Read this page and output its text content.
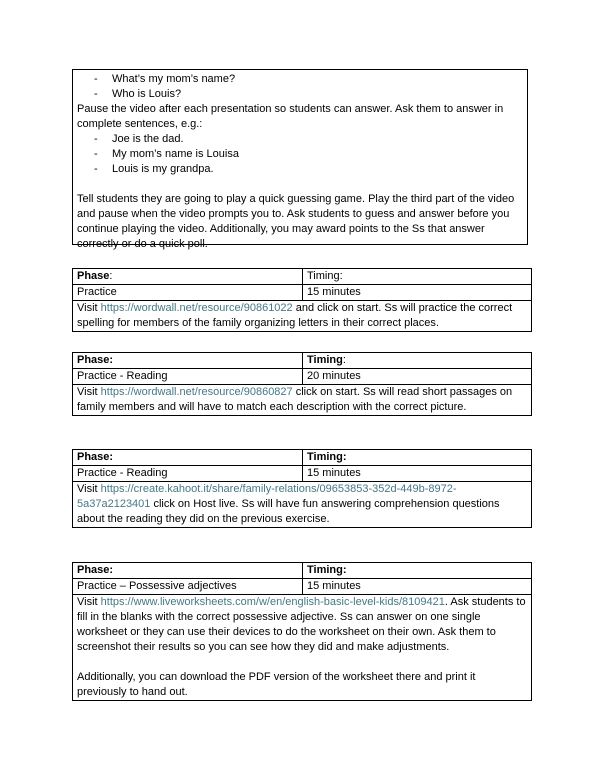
- What’s my mom’s name?
- Who is Louis?

Pause the video after each presentation so students can answer. Ask them to answer in complete sentences, e.g.:

- Joe is the dad.
- My mom’s name is Louisa
- Louis is my grandpa.

Tell students they are going to play a quick guessing game. Play the third part of the video and pause when the video prompts you to. Ask students to guess and answer before you continue playing the video. Additionally, you may award points to the Ss that answer correctly or do a quick poll.

Phase:	Timing:
Practice	15 minutes
Visit https://wordwall.net/resource/90861022 and click on start. Ss will practice the correct spelling for members of the family organizing letters in their correct places.	
Phase:	Timing:
Practice - Reading	20 minutes
Visit https://wordwall.net/resource/90860827 click on start. Ss will read short passages on family members and will have to match each description with the correct picture.	
Phase:	Timing:
Practice - Reading	15 minutes
Visit https://create.kahoot.it/share/family-relations/09653853-352d-449b-8972-5a37a2123401 click on Host live. Ss will have fun answering comprehension questions about the reading they did on the previous exercise.	
Phase:	Timing:
Practice – Possessive adjectives	15 minutes
Visit https://www.liveworksheets.com/w/en/english-basic-level-kids/8109421. Ask students to fill in the blanks with the correct possessive adjective. Ss can answer on one single worksheet or they can use their devices to do the worksheet on their own. Ask them to screenshot their results so you can see how they did and make adjustments.
Additionally, you can download the PDF version of the worksheet there and print it previously to hand out.	
